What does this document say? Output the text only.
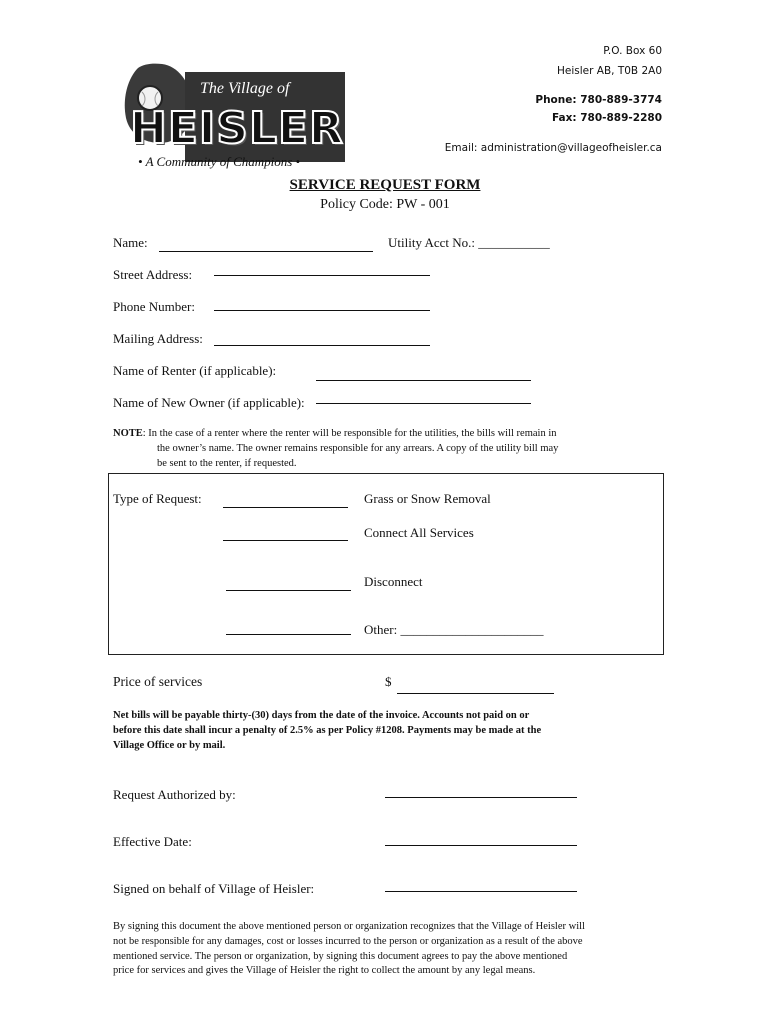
The Village of
HEISLER
• A Community of Champions •
P.O. Box 60
Heisler AB, T0B 2A0
Phone: 780-889-3774
Fax: 780-889-2280
Email: administration@villageofheisler.ca
SERVICE REQUEST FORM
Policy Code: PW - 001
Name:	Utility Acct No.: ___________
Street Address:
Phone Number:
Mailing Address:
Name of Renter (if applicable):
Name of New Owner (if applicable):
NOTE: In the case of a renter where the renter will be responsible for the utilities, the bills will remain in
the owner’s name. The owner remains responsible for any arrears. A copy of the utility bill may
be sent to the renter, if requested.
Type of Request:	Grass or Snow Removal
Connect All Services
Disconnect
Other: ______________________
Price of services	$
Net bills will be payable thirty-(30) days from the date of the invoice. Accounts not paid on or
before this date shall incur a penalty of 2.5% as per Policy #1208. Payments may be made at the
Village Office or by mail.
Request Authorized by:
Effective Date:
Signed on behalf of Village of Heisler:
By signing this document the above mentioned person or organization recognizes that the Village of Heisler will
not be responsible for any damages, cost or losses incurred to the person or organization as a result of the above
mentioned service. The person or organization, by signing this document agrees to pay the above mentioned
price for services and gives the Village of Heisler the right to collect the amount by any legal means.
